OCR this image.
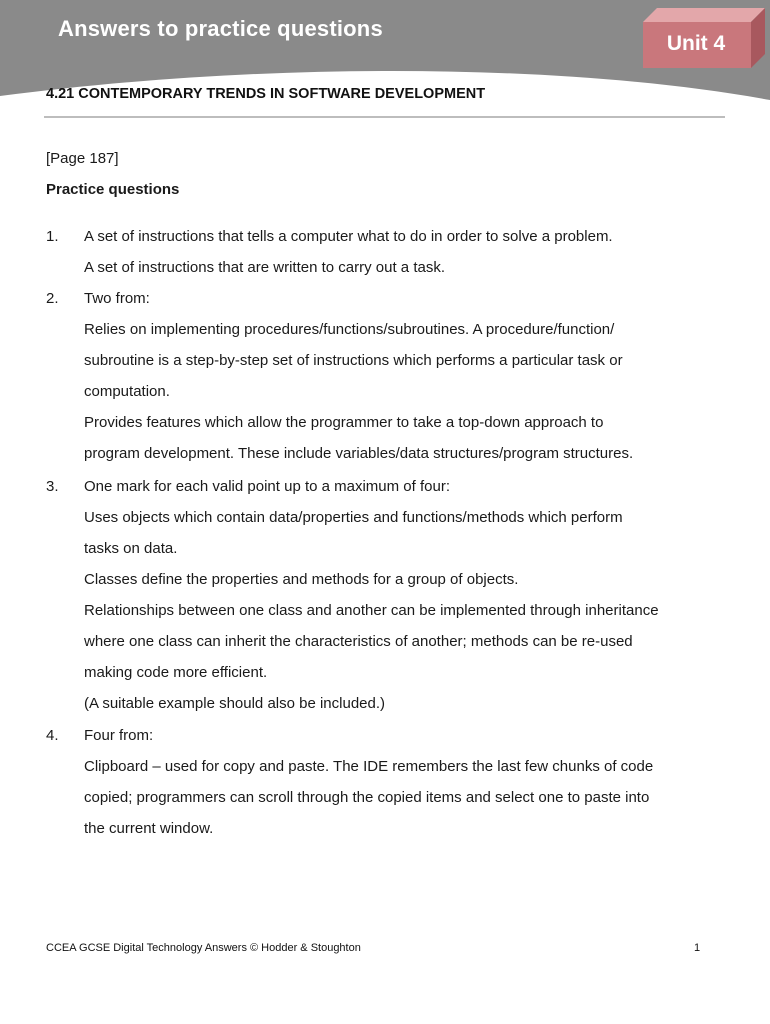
Answers to practice questions
Unit 4
4.21 CONTEMPORARY TRENDS IN SOFTWARE DEVELOPMENT
[Page 187]
Practice questions
1. A set of instructions that tells a computer what to do in order to solve a problem.
A set of instructions that are written to carry out a task.
2. Two from:
Relies on implementing procedures/functions/subroutines. A procedure/function/
subroutine is a step-by-step set of instructions which performs a particular task or
computation.
Provides features which allow the programmer to take a top-down approach to
program development. These include variables/data structures/program structures.
3. One mark for each valid point up to a maximum of four:
Uses objects which contain data/properties and functions/methods which perform
tasks on data.
Classes define the properties and methods for a group of objects.
Relationships between one class and another can be implemented through inheritance
where one class can inherit the characteristics of another; methods can be re-used
making code more efficient.
(A suitable example should also be included.)
4. Four from:
Clipboard – used for copy and paste. The IDE remembers the last few chunks of code
copied; programmers can scroll through the copied items and select one to paste into
the current window.
CCEA GCSE Digital Technology Answers © Hodder & Stoughton	1
